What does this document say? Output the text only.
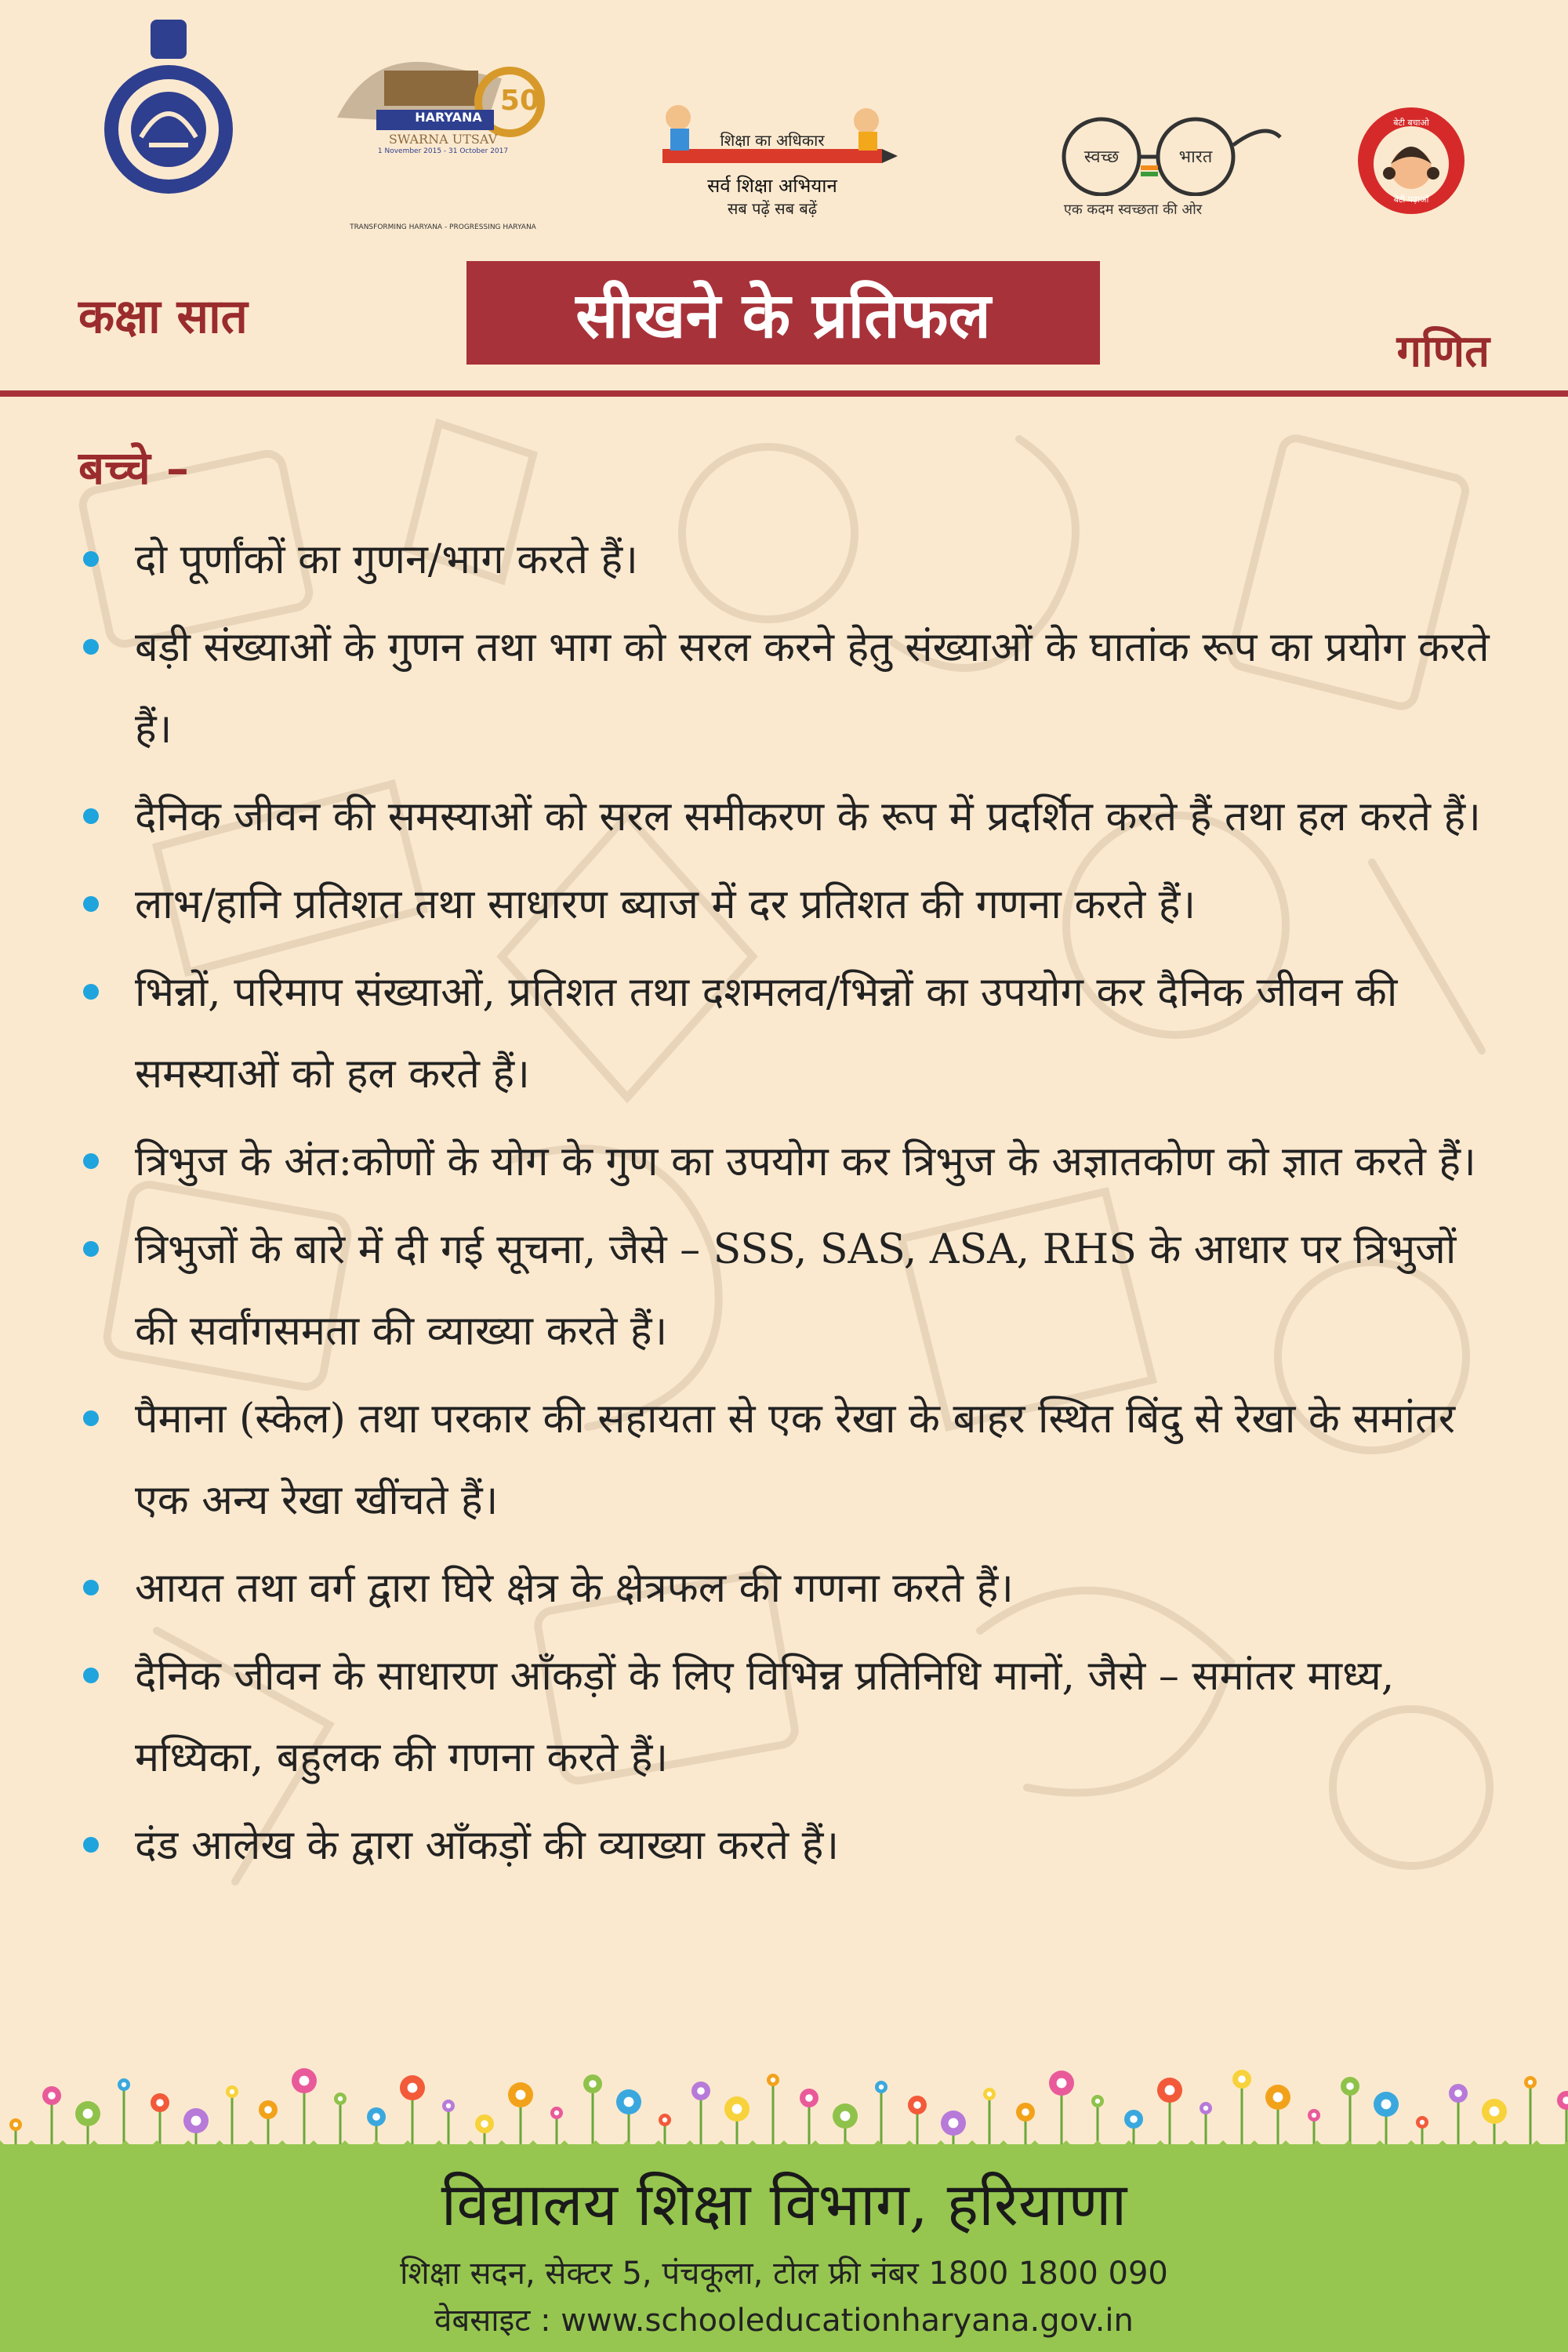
HARYANA
50
SWARNA UTSAV
1 November 2015 - 31 October 2017
TRANSFORMING HARYANA - PROGRESSING HARYANA
शिक्षा का अधिकार
सर्व शिक्षा अभियान
सब पढ़ें सब बढ़ें
स्वच्छ	भारत
एक कदम स्वच्छता की ओर
बेटी बचाओ
बेटी पढ़ाओ
कक्षा सात	सीखने के प्रतिफल	गणित
बच्चे –
दो पूर्णांकों का गुणन/भाग करते हैं।
बड़ी संख्याओं के गुणन तथा भाग को सरल करने हेतु संख्याओं के घातांक रूप का प्रयोग करते हैं।
दैनिक जीवन की समस्याओं को सरल समीकरण के रूप में प्रदर्शित करते हैं तथा हल करते हैं।
लाभ/हानि प्रतिशत तथा साधारण ब्याज में दर प्रतिशत की गणना करते हैं।
भिन्नों, परिमाप संख्याओं, प्रतिशत तथा दशमलव/भिन्नों का उपयोग कर दैनिक जीवन की समस्याओं को हल करते हैं।
त्रिभुज के अंत:कोणों के योग के गुण का उपयोग कर त्रिभुज के अज्ञातकोण को ज्ञात करते हैं।
त्रिभुजों के बारे में दी गई सूचना, जैसे – SSS, SAS, ASA, RHS के आधार पर त्रिभुजों की सर्वांगसमता की व्याख्या करते हैं।
पैमाना (स्केल) तथा परकार की सहायता से एक रेखा के बाहर स्थित बिंदु से रेखा के समांतर एक अन्य रेखा खींचते हैं।
आयत तथा वर्ग द्वारा घिरे क्षेत्र के क्षेत्रफल की गणना करते हैं।
दैनिक जीवन के साधारण आँकड़ों के लिए विभिन्न प्रतिनिधि मानों, जैसे – समांतर माध्य, मध्यिका, बहुलक की गणना करते हैं।
दंड आलेख के द्वारा आँकड़ों की व्याख्या करते हैं।
विद्यालय शिक्षा विभाग, हरियाणा
शिक्षा सदन, सेक्टर 5, पंचकूला, टोल फ्री नंबर 1800 1800 090
वेबसाइट : www.schooleducationharyana.gov.in
